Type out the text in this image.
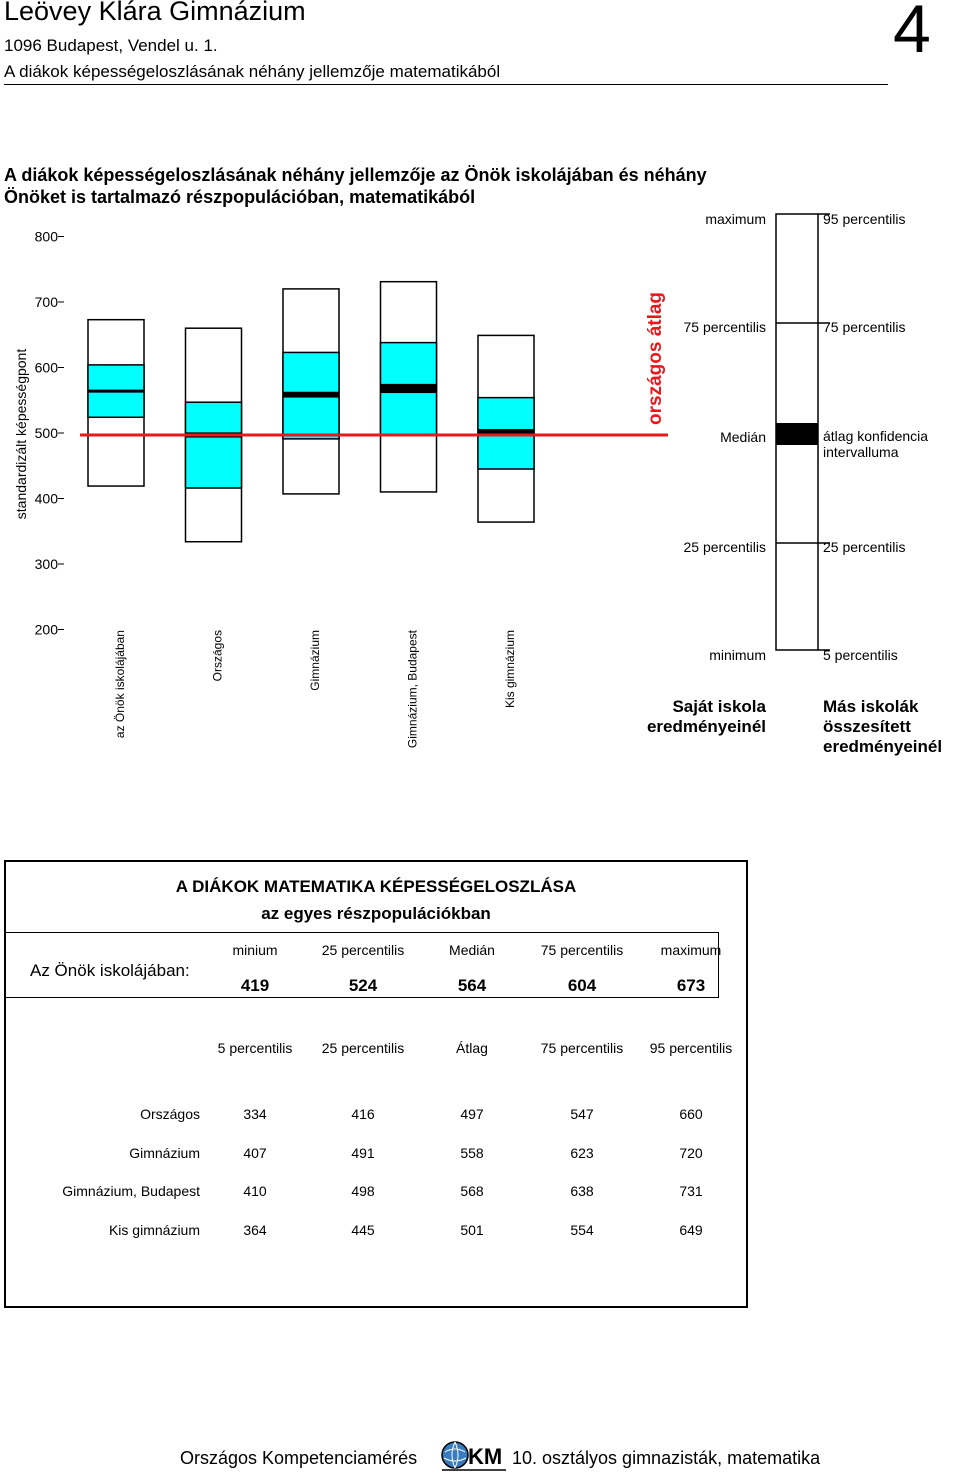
Leövey Klára Gimnázium
1096 Budapest, Vendel u. 1.
A diákok képességeloszlásának néhány jellemzője matematikából
4
A diákok képességeloszlásának néhány jellemzője az Önök iskolájában és néhány Önöket is tartalmazó részpopulációban, matematikából
800
700
600
500
400
300
200
standardizált képességpont	országos átlag
az Önök iskolájában	Országos	Gimnázium	Gimnázium, Budapest	Kis gimnázium
maximum
75 percentilis
Medián
25 percentilis
minimum
Saját iskola
eredményeinél
95 percentilis
75 percentilis
átlag konfidencia
intervalluma
25 percentilis
5 percentilis
Más iskolák
összesített
eredményeinél
A DIÁKOK MATEMATIKA KÉPESSÉGELOSZLÁSA
az egyes részpopulációkban
Az Önök iskolájában:
minium	25 percentilis	Medián	75 percentilis	maximum
419	524	564	604	673
5 percentilis	25 percentilis	Átlag	75 percentilis	95 percentilis
Országos	334	416	497	547	660
Gimnázium	407	491	558	623	720
Gimnázium, Budapest	410	498	568	638	731
Kis gimnázium	364	445	501	554	649
Országos Kompetenciamérés KM 10. osztályos gimnazisták, matematika
